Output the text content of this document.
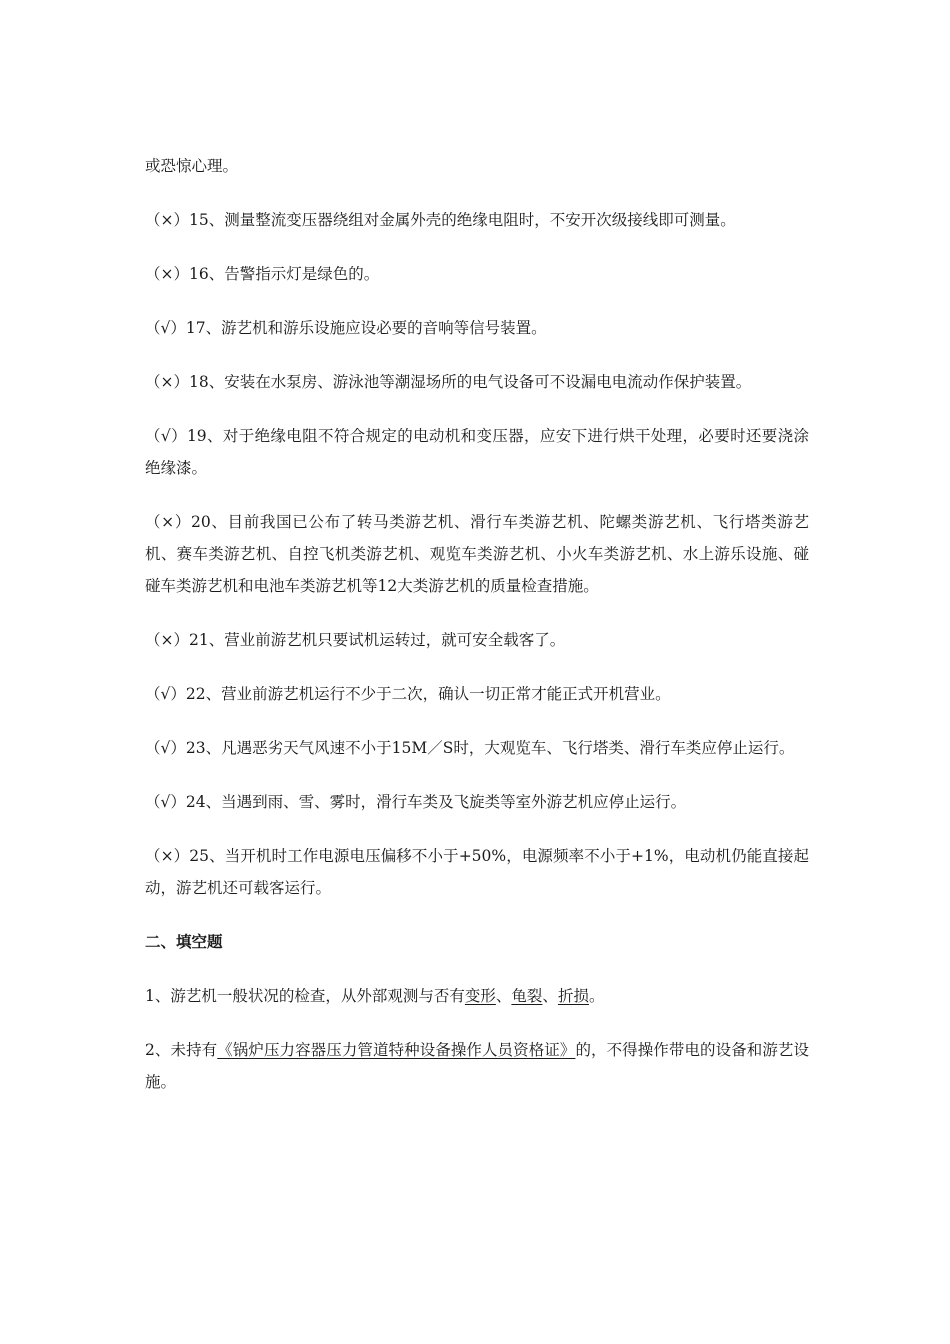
或恐惊心理。

（×）15、测量整流变压器绕组对金属外壳的绝缘电阻时，不安开次级接线即可测量。

（×）16、告警指示灯是绿色的。

（√）17、游艺机和游乐设施应设必要的音响等信号装置。

（×）18、安装在水泵房、游泳池等潮湿场所的电气设备可不设漏电电流动作保护装置。

（√）19、对于绝缘电阻不符合规定的电动机和变压器，应安下进行烘干处理，必要时还要浇涂绝缘漆。

（×）20、目前我国已公布了转马类游艺机、滑行车类游艺机、陀螺类游艺机、飞行塔类游艺机、赛车类游艺机、自控飞机类游艺机、观览车类游艺机、小火车类游艺机、水上游乐设施、碰碰车类游艺机和电池车类游艺机等12大类游艺机的质量检查措施。

（×）21、营业前游艺机只要试机运转过，就可安全载客了。

（√）22、营业前游艺机运行不少于二次，确认一切正常才能正式开机营业。

（√）23、凡遇恶劣天气风速不小于15M／S时，大观览车、飞行塔类、滑行车类应停止运行。

（√）24、当遇到雨、雪、雾时，滑行车类及飞旋类等室外游艺机应停止运行。

（×）25、当开机时工作电源电压偏移不小于+50%，电源频率不小于+1%，电动机仍能直接起动，游艺机还可载客运行。

二、填空题

1、游艺机一般状况的检查，从外部观测与否有变形、龟裂、折损。

2、未持有《锅炉压力容器压力管道特种设备操作人员资格证》的，不得操作带电的设备和游艺设施。
